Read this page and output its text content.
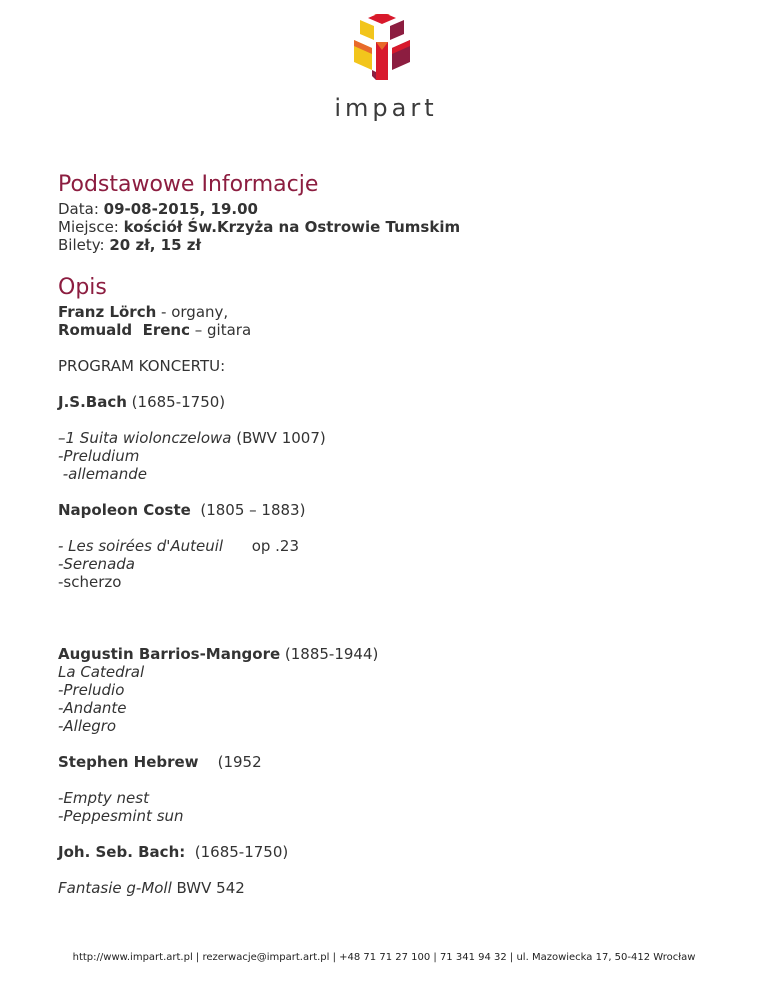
impart
Podstawowe Informacje

Data: 09-08-2015, 19.00

Miejsce: kościół Św.Krzyża na Ostrowie Tumskim

Bilety: 20 zł, 15 zł

Opis

Franz Lörch - organy,

Romuald  Erenc – gitara

PROGRAM KONCERTU:

J.S.Bach (1685-1750)

–1 Suita wiolonczelowa (BWV 1007)

-Preludium

-allemande

Napoleon Coste  (1805 – 1883)

- Les soirées d'Auteuil      op .23

-Serenada

-scherzo

Augustin Barrios-Mangore (1885-1944)

La Catedral

-Preludio

-Andante

-Allegro

Stephen Hebrew    (1952

-Empty nest

-Peppesmint sun

Joh. Seb. Bach:  (1685-1750)

Fantasie g-Moll BWV 542

http://www.impart.art.pl | rezerwacje@impart.art.pl | +48 71 71 27 100 | 71 341 94 32 | ul. Mazowiecka 17, 50-412 Wrocław
